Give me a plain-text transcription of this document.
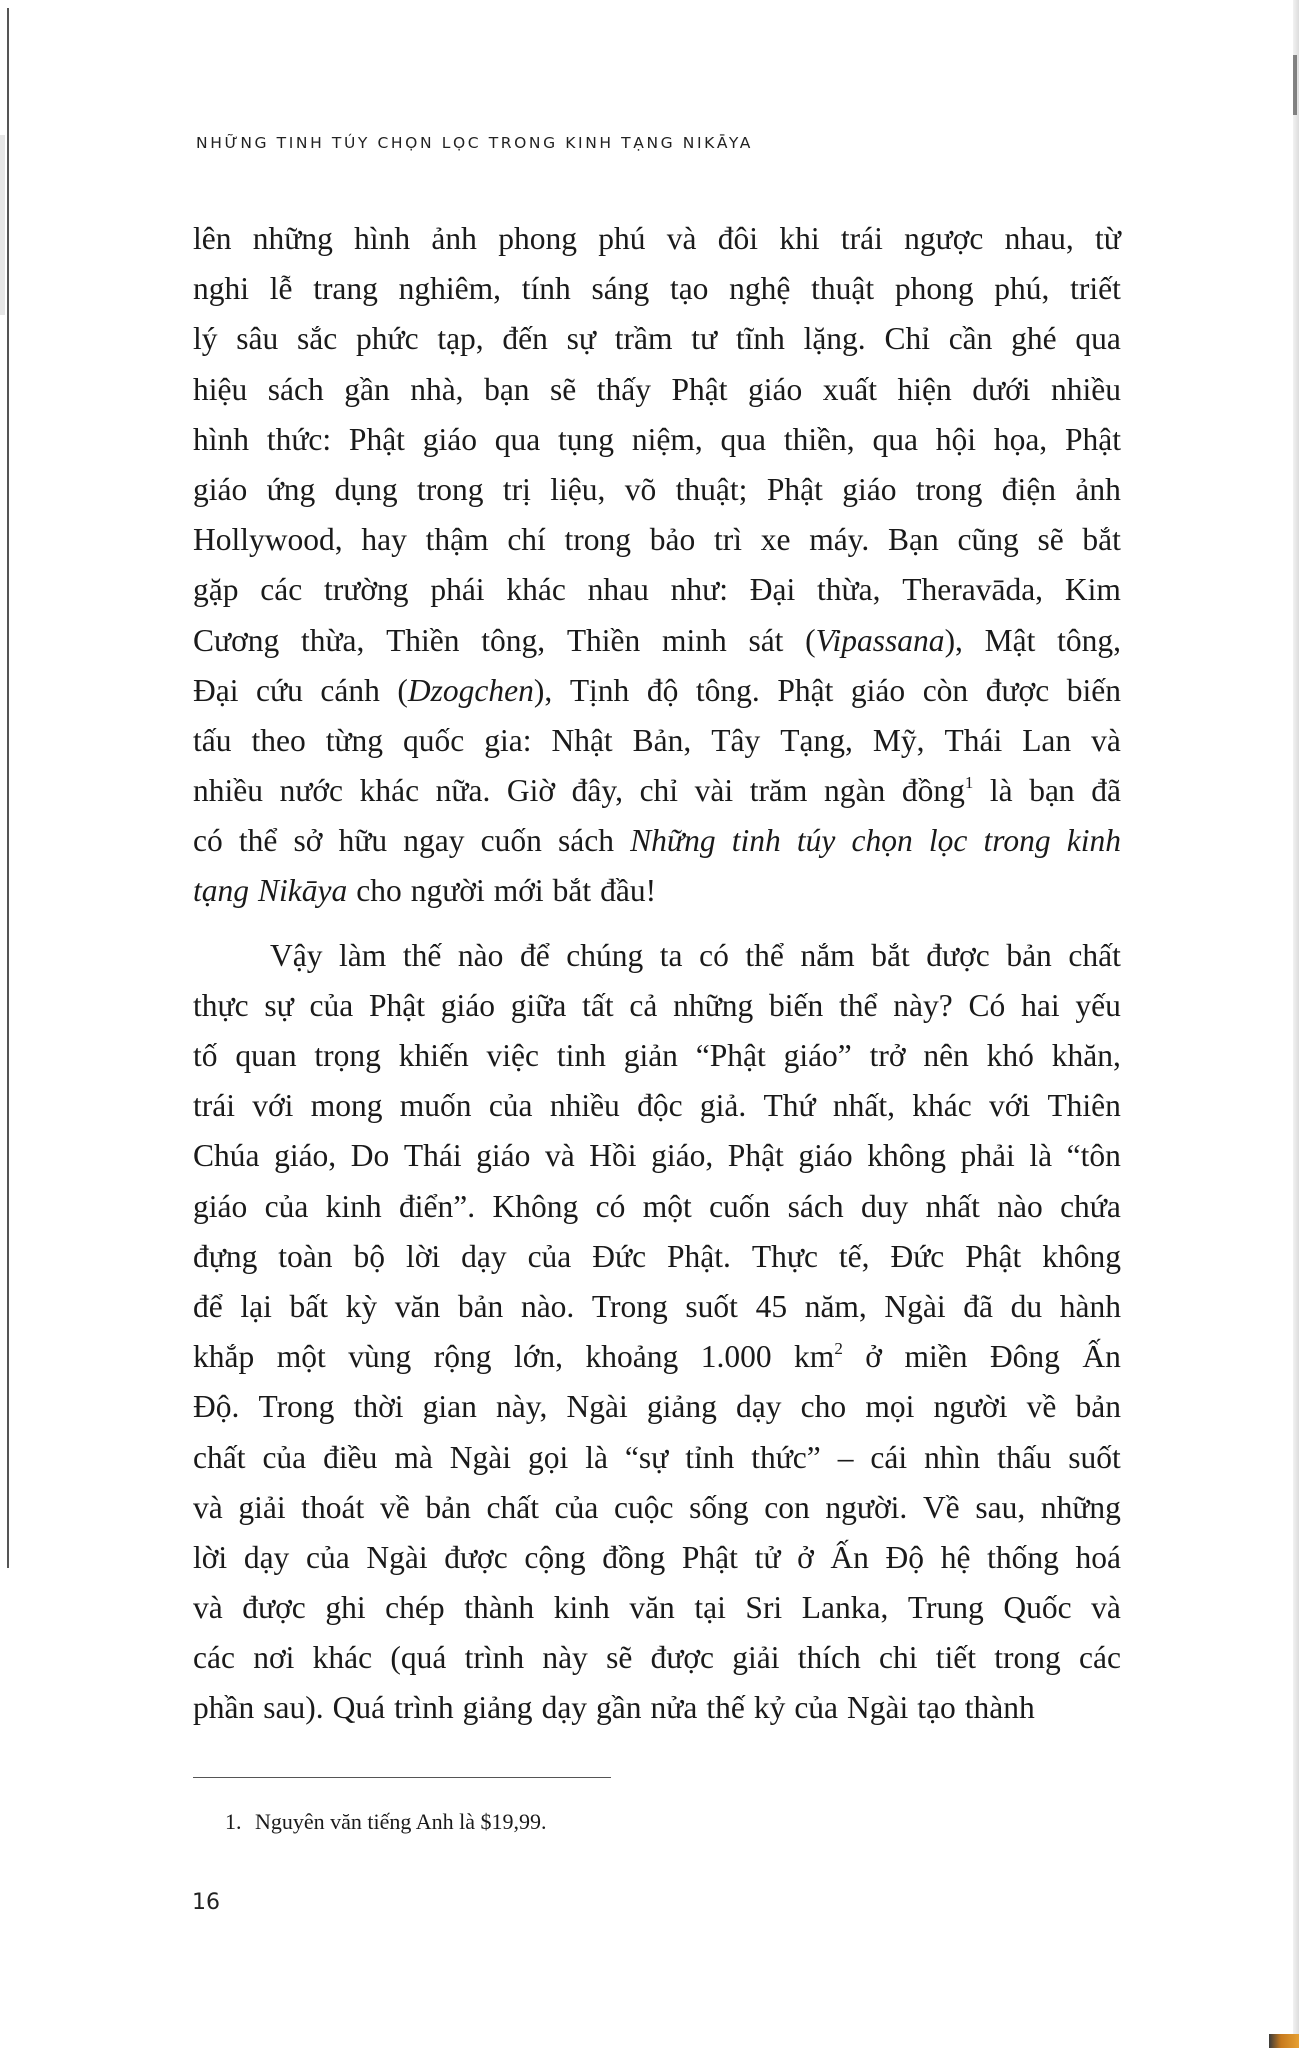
NHỮNG TINH TÚY CHỌN LỌC TRONG KINH TẠNG NIKĀYA
lên những hình ảnh phong phú và đôi khi trái ngược nhau, từ
nghi lễ trang nghiêm, tính sáng tạo nghệ thuật phong phú, triết
lý sâu sắc phức tạp, đến sự trầm tư tĩnh lặng. Chỉ cần ghé qua
hiệu sách gần nhà, bạn sẽ thấy Phật giáo xuất hiện dưới nhiều
hình thức: Phật giáo qua tụng niệm, qua thiền, qua hội họa, Phật
giáo ứng dụng trong trị liệu, võ thuật; Phật giáo trong điện ảnh
Hollywood, hay thậm chí trong bảo trì xe máy. Bạn cũng sẽ bắt
gặp các trường phái khác nhau như: Đại thừa, Theravāda, Kim
Cương thừa, Thiền tông, Thiền minh sát (Vipassana), Mật tông,
Đại cứu cánh (Dzogchen), Tịnh độ tông. Phật giáo còn được biến
tấu theo từng quốc gia: Nhật Bản, Tây Tạng, Mỹ, Thái Lan và
nhiều nước khác nữa. Giờ đây, chỉ vài trăm ngàn đồng$^1$ là bạn đã
có thể sở hữu ngay cuốn sách Những tinh túy chọn lọc trong kinh
tạng Nikāya cho người mới bắt đầu!
Vậy làm thế nào để chúng ta có thể nắm bắt được bản chất
thực sự của Phật giáo giữa tất cả những biến thể này? Có hai yếu
tố quan trọng khiến việc tinh giản “Phật giáo” trở nên khó khăn,
trái với mong muốn của nhiều độc giả. Thứ nhất, khác với Thiên
Chúa giáo, Do Thái giáo và Hồi giáo, Phật giáo không phải là “tôn
giáo của kinh điển”. Không có một cuốn sách duy nhất nào chứa
đựng toàn bộ lời dạy của Đức Phật. Thực tế, Đức Phật không
để lại bất kỳ văn bản nào. Trong suốt 45 năm, Ngài đã du hành
khắp một vùng rộng lớn, khoảng 1.000 $km^2$ ở miền Đông Ấn
Độ. Trong thời gian này, Ngài giảng dạy cho mọi người về bản
chất của điều mà Ngài gọi là “sự tỉnh thức” – cái nhìn thấu suốt
và giải thoát về bản chất của cuộc sống con người. Về sau, những
lời dạy của Ngài được cộng đồng Phật tử ở Ấn Độ hệ thống hoá
và được ghi chép thành kinh văn tại Sri Lanka, Trung Quốc và
các nơi khác (quá trình này sẽ được giải thích chi tiết trong các
phần sau). Quá trình giảng dạy gần nửa thế kỷ của Ngài tạo thành
1. Nguyên văn tiếng Anh là $19,99.
16
